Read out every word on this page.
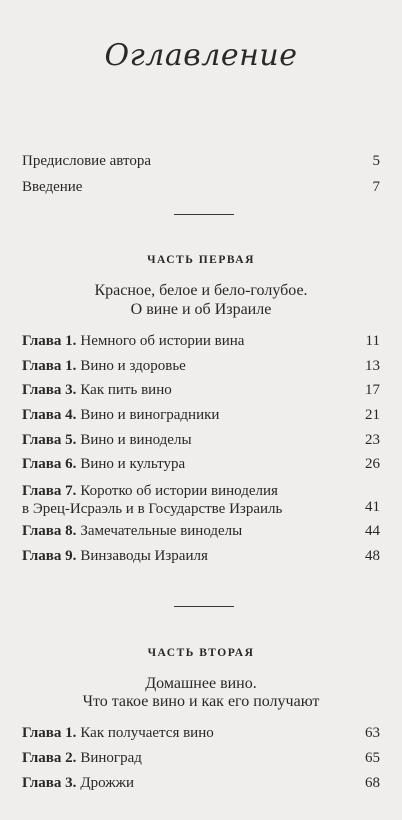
Оглавление
Предисловие автора	5
Введение	7
ЧАСТЬ ПЕРВАЯ
Красное, белое и бело-голубое.
О вине и об Израиле
Глава 1. Немного об истории вина	11
Глава 1. Вино и здоровье	13
Глава 3. Как пить вино	17
Глава 4. Вино и виноградники	21
Глава 5. Вино и виноделы	23
Глава 6. Вино и культура	26
Глава 7. Коротко об истории виноделия
в Эрец-Исраэль и в Государстве Израиль	41
Глава 8. Замечательные виноделы	44
Глава 9. Винзаводы Израиля	48
ЧАСТЬ ВТОРАЯ
Домашнее вино.
Что такое вино и как его получают
Глава 1. Как получается вино	63
Глава 2. Виноград	65
Глава 3. Дрожжи	68
